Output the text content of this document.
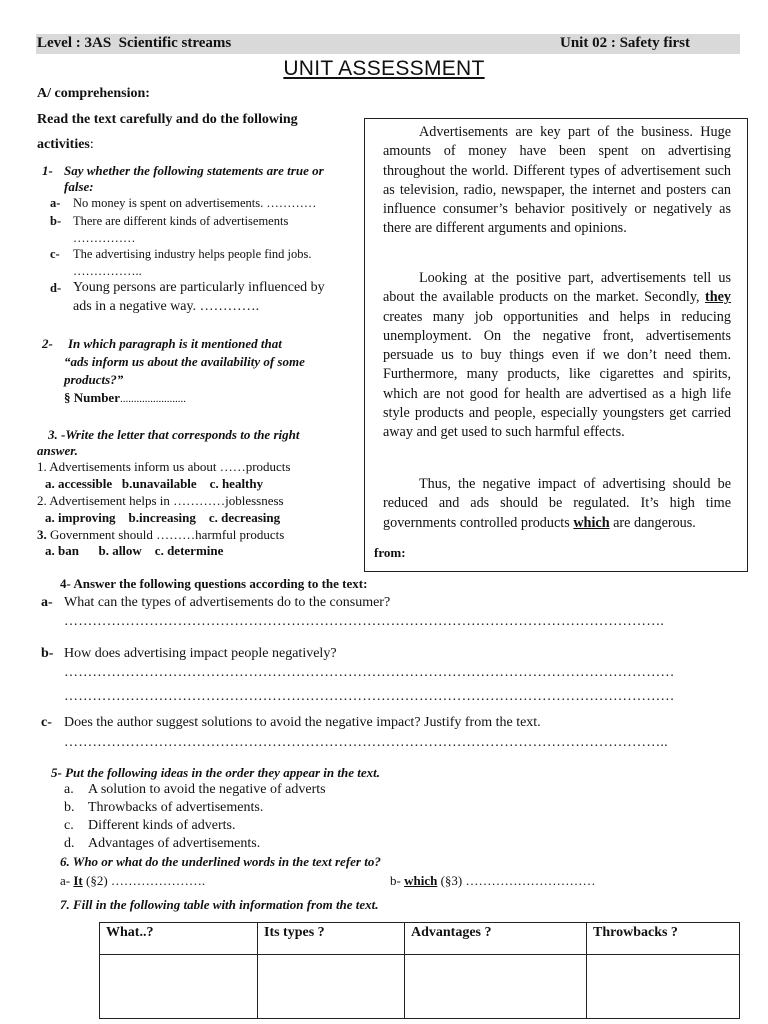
Level : 3AS  Scientific streams	Unit 02 : Safety first
UNIT ASSESSMENT
A/ comprehension:
Read the text carefully and do the following
activities:
1- Say whether the following statements are true or
false:
a- No money is spent on advertisements. …………
b- There are different kinds of advertisements
……………
c- The advertising industry helps people find jobs.
……………..
d- Young persons are particularly influenced by
ads in a negative way. ………….
2- In which paragraph is it mentioned that
“ads inform us about the availability of some
products?”
§ Number........................
3. -Write the letter that corresponds to the right
answer.
1. Advertisements inform us about ……products
a. accessible   b.unavailable    c. healthy
2. Advertisement helps in …………joblessness
a. improving    b.increasing    c. decreasing
3. Government should ………harmful products
a. ban      b. allow    c. determine
Advertisements are key part of the business. Huge amounts of money have been spent on advertising throughout the world. Different types of advertisement such as television, radio, newspaper, the internet and posters can influence consumer’s behavior positively or negatively as there are different arguments and opinions.
Looking at the positive part, advertisements tell us about the available products on the market. Secondly, they creates many job opportunities and helps in reducing unemployment. On the negative front, advertisements persuade us to buy things even if we don’t need them. Furthermore, many products, like cigarettes and spirits, which are not good for health are advertised as a high life style products and people, especially youngsters get carried away and get used to such harmful effects.
Thus, the negative impact of advertising should be reduced and ads should be regulated. It’s high time governments controlled products which are dangerous.
from:
4- Answer the following questions according to the text:
a- What can the types of advertisements do to the consumer?
……………………………………………………………………………………………………………….
b- How does advertising impact people negatively?
…………………………………………………………………………………………………………………
…………………………………………………………………………………………………………………
c- Does the author suggest solutions to avoid the negative impact? Justify from the text.
………………………………………………………………………………………………………………..
5- Put the following ideas in the order they appear in the text.
a. A solution to avoid the negative of adverts
b. Throwbacks of advertisements.
c. Different kinds of adverts.
d. Advantages of advertisements.
6. Who or what do the underlined words in the text refer to?
a- It (§2) ………………….	b- which (§3) …………………………
7. Fill in the following table with information from the text.
What..?	Its types ?	Advantages ?	Throwbacks ?
